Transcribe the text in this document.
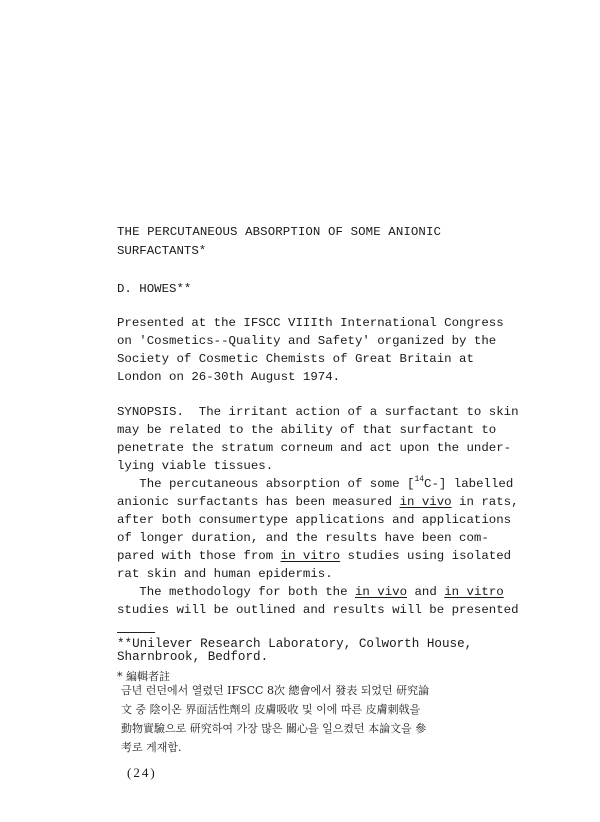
THE PERCUTANEOUS ABSORPTION OF SOME ANIONIC
SURFACTANTS*
D. HOWES**
Presented at the IFSCC VIIIth International Congress
on 'Cosmetics--Quality and Safety' organized by the
Society of Cosmetic Chemists of Great Britain at
London on 26-30th August 1974.
SYNOPSIS.  The irritant action of a surfactant to skin
may be related to the ability of that surfactant to
penetrate the stratum corneum and act upon the under-
lying viable tissues.
The percutaneous absorption of some [$^{14}$C-] labelled
anionic surfactants has been measured in vivo in rats,
after both consumertype applications and applications
of longer duration, and the results have been com-
pared with those from in vitro studies using isolated
rat skin and human epidermis.
The methodology for both the in vivo and in vitro
studies will be outlined and results will be presented
**Unilever Research Laboratory, Colworth House,
Sharnbrook, Bedford.
* 編輯者註
금년 런던에서 열렸던 IFSCC 8次 總會에서 發表 되었던 研究論
文 중 陰이온 界面活性劑의 皮膚吸收 및 이에 따른 皮膚刺戟을
動物實驗으로 研究하여 가장 많은 關心을 일으켰던 本論文을 參
考로 게재함.
(24)
